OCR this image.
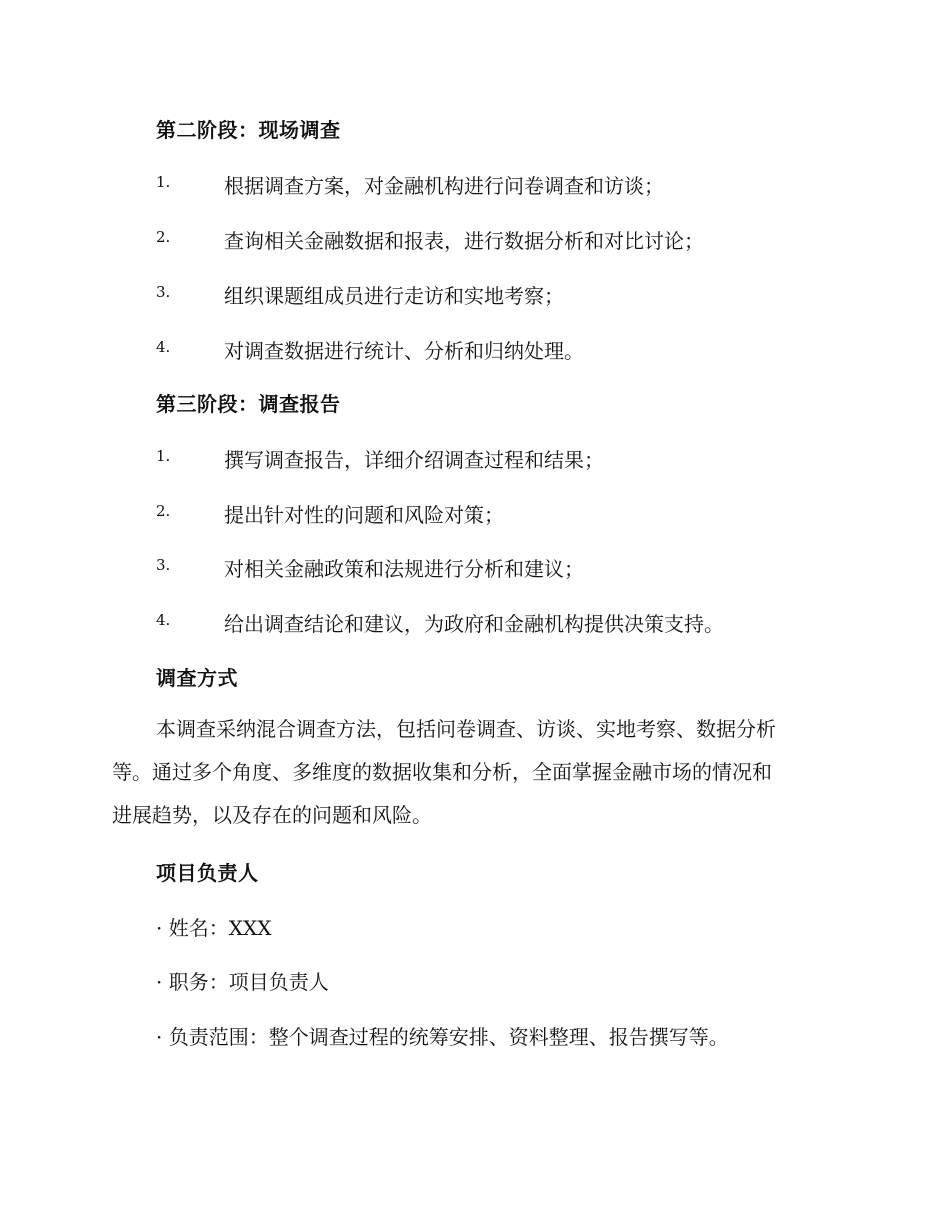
第二阶段：现场调查
1.	根据调查方案，对金融机构进行问卷调查和访谈；
2.	查询相关金融数据和报表，进行数据分析和对比讨论；
3.	组织课题组成员进行走访和实地考察；
4.	对调查数据进行统计、分析和归纳处理。
第三阶段：调查报告
1.	撰写调查报告，详细介绍调查过程和结果；
2.	提出针对性的问题和风险对策；
3.	对相关金融政策和法规进行分析和建议；
4.	给出调查结论和建议，为政府和金融机构提供决策支持。
调查方式
本调查采纳混合调查方法，包括问卷调查、访谈、实地考察、数据分析
等。通过多个角度、多维度的数据收集和分析，全面掌握金融市场的情况和
进展趋势，以及存在的问题和风险。
项目负责人
· 姓名：XXX
· 职务：项目负责人
· 负责范围：整个调查过程的统筹安排、资料整理、报告撰写等。
